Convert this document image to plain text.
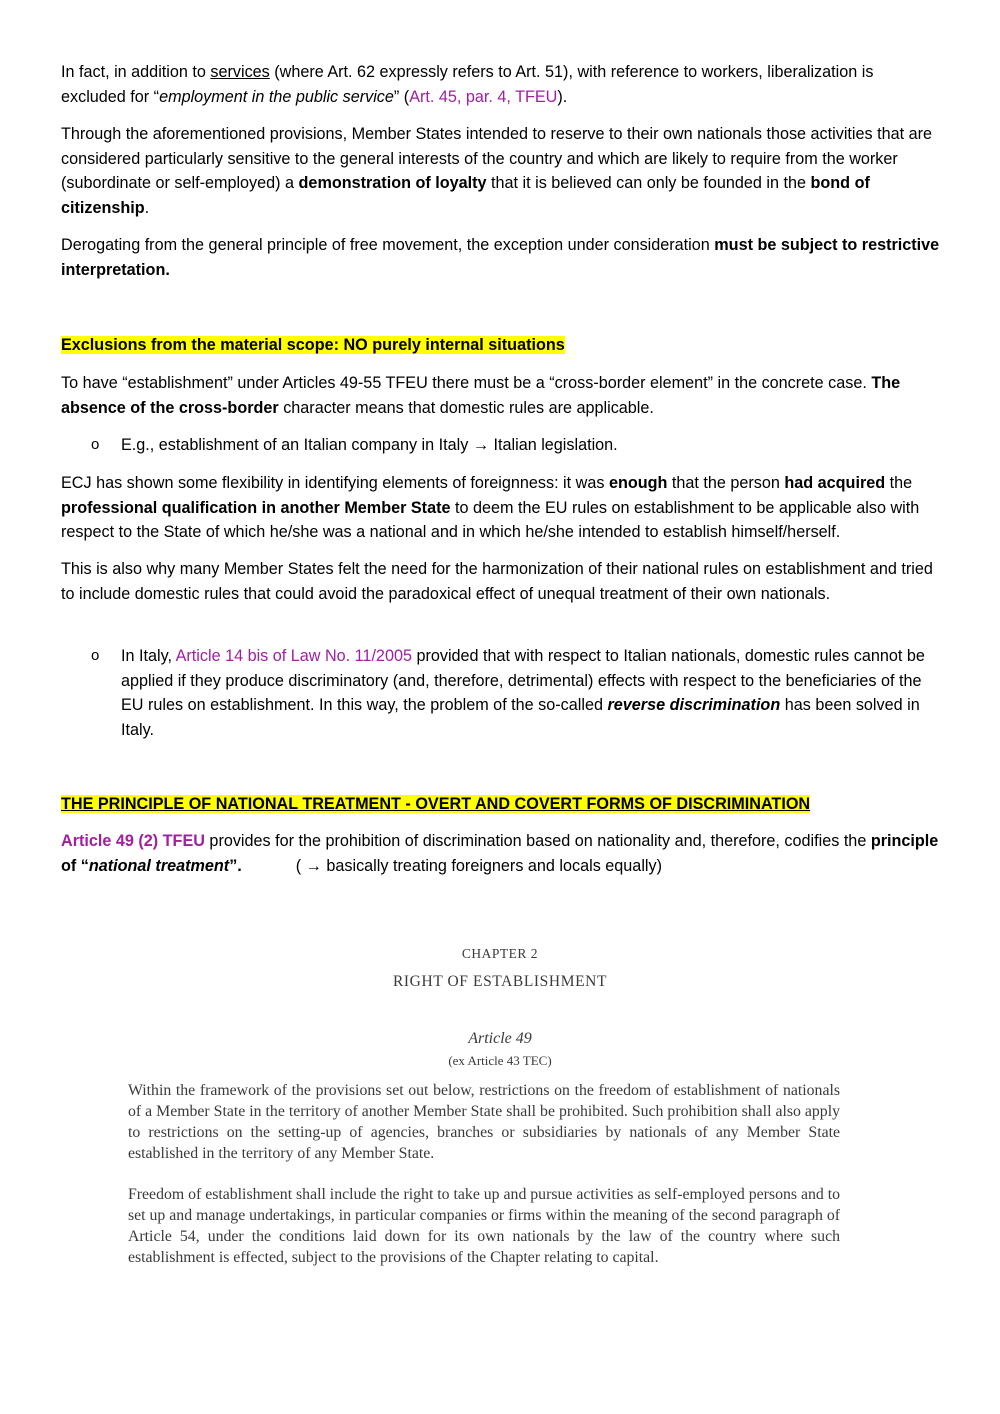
In fact, in addition to services (where Art. 62 expressly refers to Art. 51), with reference to workers, liberalization is excluded for “employment in the public service” (Art. 45, par. 4, TFEU).

Through the aforementioned provisions, Member States intended to reserve to their own nationals those activities that are considered particularly sensitive to the general interests of the country and which are likely to require from the worker (subordinate or self-employed) a demonstration of loyalty that it is believed can only be founded in the bond of citizenship.

Derogating from the general principle of free movement, the exception under consideration must be subject to restrictive interpretation.

Exclusions from the material scope: NO purely internal situations

To have “establishment” under Articles 49-55 TFEU there must be a “cross-border element” in the concrete case. The absence of the cross-border character means that domestic rules are applicable.

o E.g., establishment of an Italian company in Italy → Italian legislation.

ECJ has shown some flexibility in identifying elements of foreignness: it was enough that the person had acquired the professional qualification in another Member State to deem the EU rules on establishment to be applicable also with respect to the State of which he/she was a national and in which he/she intended to establish himself/herself.

This is also why many Member States felt the need for the harmonization of their national rules on establishment and tried to include domestic rules that could avoid the paradoxical effect of unequal treatment of their own nationals.

o In Italy, Article 14 bis of Law No. 11/2005 provided that with respect to Italian nationals, domestic rules cannot be applied if they produce discriminatory (and, therefore, detrimental) effects with respect to the beneficiaries of the EU rules on establishment. In this way, the problem of the so-called reverse discrimination has been solved in Italy.

THE PRINCIPLE OF NATIONAL TREATMENT - OVERT AND COVERT FORMS OF DISCRIMINATION

Article 49 (2) TFEU provides for the prohibition of discrimination based on nationality and, therefore, codifies the principle of “national treatment”.	( → basically treating foreigners and locals equally)

CHAPTER 2
RIGHT OF ESTABLISHMENT
Article 49
(ex Article 43 TEC)
Within the framework of the provisions set out below, restrictions on the freedom of establishment of nationals of a Member State in the territory of another Member State shall be prohibited. Such prohibition shall also apply to restrictions on the setting-up of agencies, branches or subsidiaries by nationals of any Member State established in the territory of any Member State.
Freedom of establishment shall include the right to take up and pursue activities as self-employed persons and to set up and manage undertakings, in particular companies or firms within the meaning of the second paragraph of Article 54, under the conditions laid down for its own nationals by the law of the country where such establishment is effected, subject to the provisions of the Chapter relating to capital.
